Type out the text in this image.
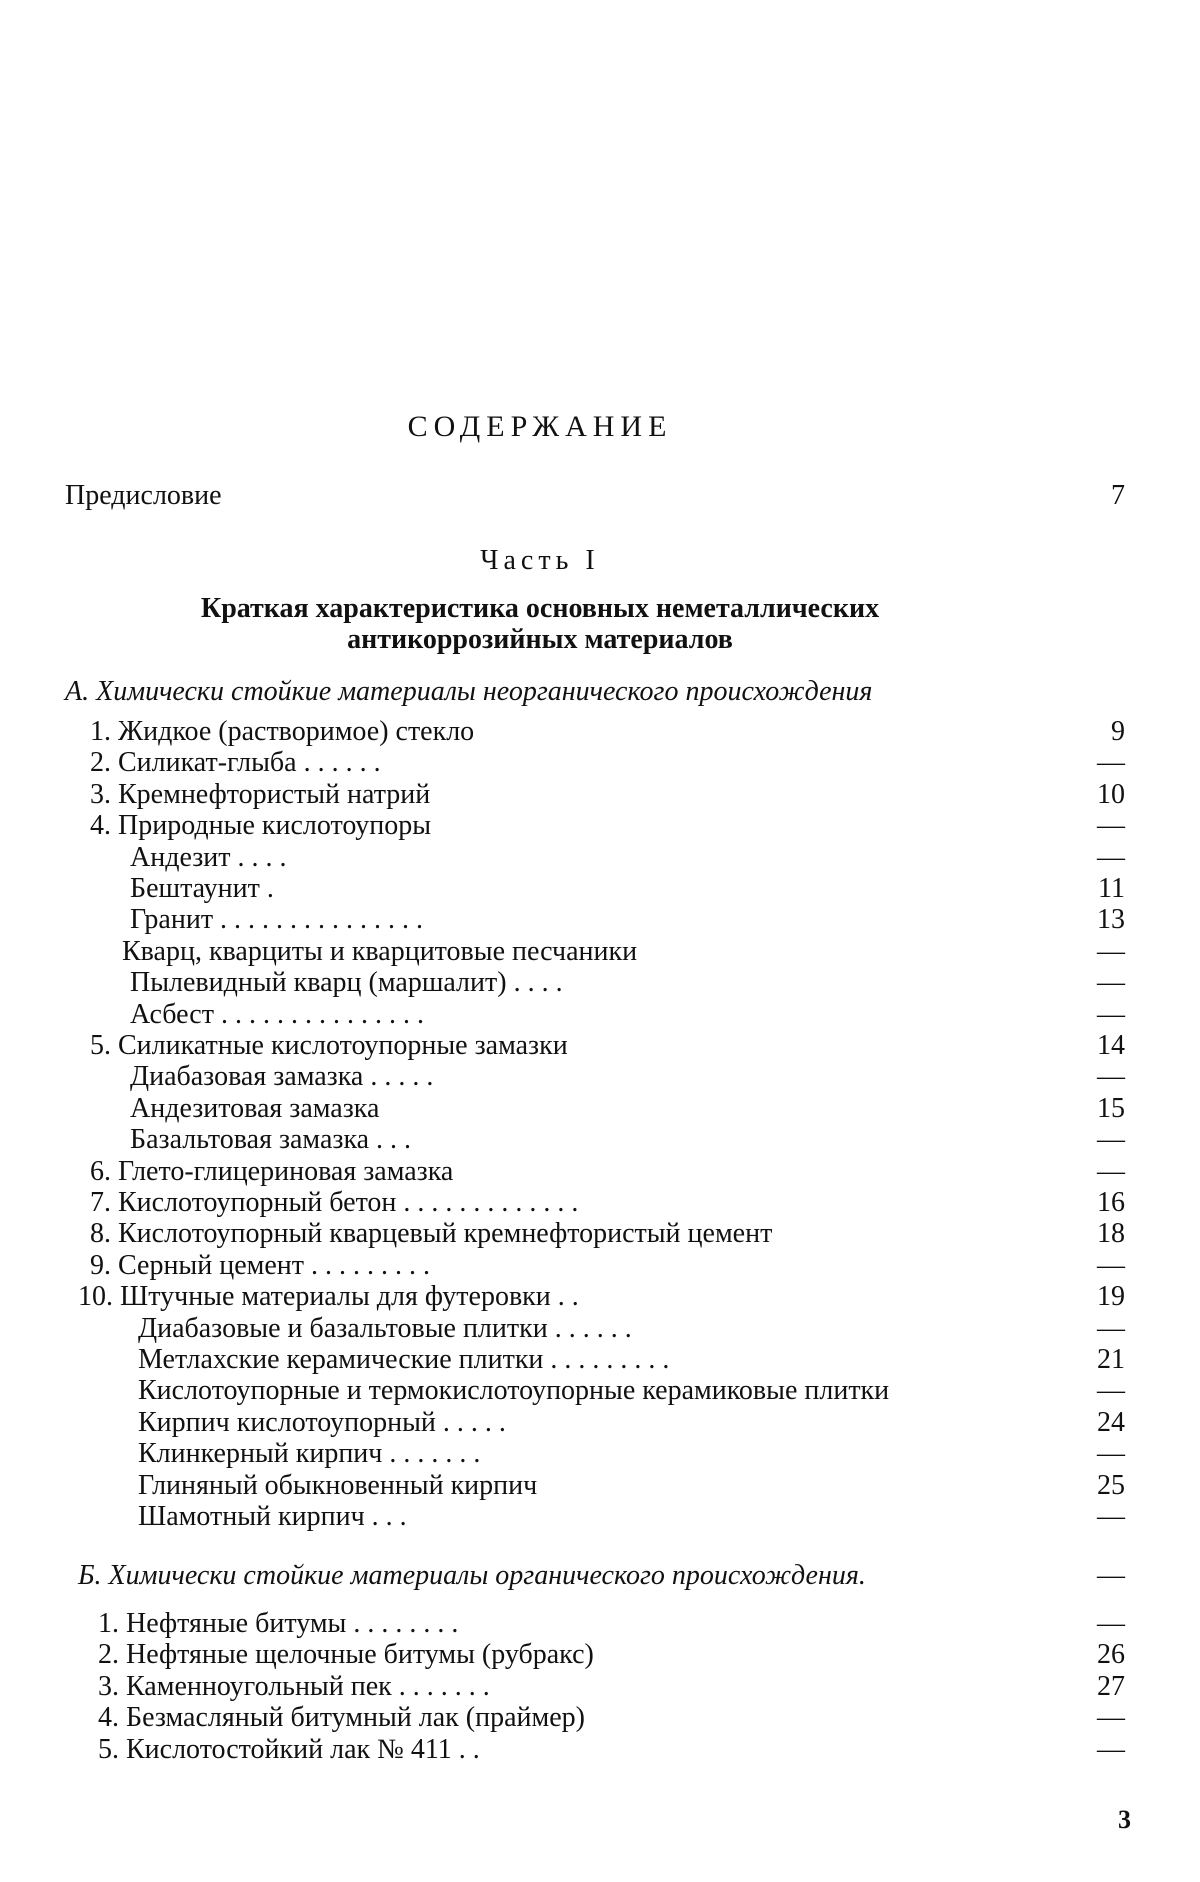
СОДЕРЖАНИЕ
Предисловие	7
Часть I
Краткая характеристика основных неметаллических
антикоррозийных материалов
А. Химически стойкие материалы неорганического происхождения
1. Жидкое (растворимое) стекло	9
2. Силикат-глыба . . . . . .	—
3. Кремнефтористый натрий	10
4. Природные кислотоупоры	—
Андезит . . . .	—
Бештаунит .	11
Гранит . . . . . . . . . . . . . . .	13
Кварц, кварциты и кварцитовые песчаники	—
Пылевидный кварц (маршалит) . . . .	—
Асбест . . . . . . . . . . . . . . .	—
5. Силикатные кислотоупорные замазки	14
Диабазовая замазка . . . . .	—
Андезитовая замазка	15
Базальтовая замазка . . .	—
6. Глето-глицериновая замазка	—
7. Кислотоупорный бетон . . . . . . . . . . . . .	16
8. Кислотоупорный кварцевый кремнефтористый цемент	18
9. Серный цемент . . . . . . . . .	—
10. Штучные материалы для футеровки . .	19
Диабазовые и базальтовые плитки . . . . . .	—
Метлахские керамические плитки . . . . . . . . .	21
Кислотоупорные и термокислотоупорные керамиковые плитки	—
Кирпич кислотоупорный . . . . .	24
Клинкерный кирпич . . . . . . .	—
Глиняный обыкновенный кирпич	25
Шамотный кирпич . . .	—
Б. Химически стойкие материалы органического происхождения.	—
1. Нефтяные битумы . . . . . . . .	—
2. Нефтяные щелочные битумы (рубракс)	26
3. Каменноугольный пек . . . . . . .	27
4. Безмасляный битумный лак (праймер)	—
5. Кислотостойкий лак № 411 . .	—
3
